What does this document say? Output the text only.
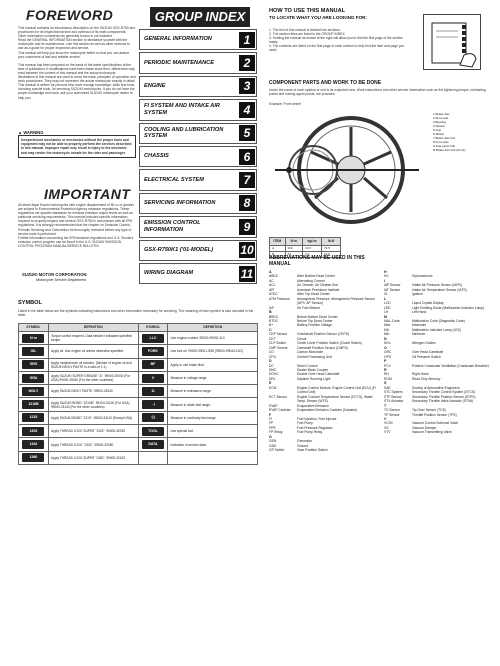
FOREWORD

This manual contains an introductory description on the SUZUKI GSX-R750 and procedures for its inspection/service and overhaul of its main components.

Other information considered as generally known is not included.

Read the GENERAL INFORMATION section to familiarize yourself with the motorcycle and its maintenance. Use this section as well as other sections to use as a guide for proper inspection and service.

This manual will help you know the motorcycle better so that you can assure your customers of fast and reliable service.

This manual has been prepared on the basis of the latest specifications at the time of publication. If modifications have been made since then, differences may exist between the content of this manual and the actual motorcycle.

Illustrations in this manual are used to show the basic principles of operation and work procedures. They may not represent the actual motorcycle exactly in detail.

This manual is written for persons who have enough knowledge, skills and tools, including special tools, for servicing SUZUKI motorcycles. If you do not have the proper knowledge and tools, ask your authorized SUZUKI motorcycle dealer to help you.

▲ WARNING
Inexperienced mechanics or mechanics without the proper tools and equipment may not be able to properly perform the services described in this manual. Improper repair may result in injury to the mechanic and may render the motorcycle unsafe for the rider and passenger.
IMPORTANT

All street-legal Suzuki motorcycles with engine displacement of 50 cc or greater are subject to Environmental Protection Agency emission regulations. These regulations set specific standards for exhaust emission output levels as well as particular servicing requirements. This manual includes specific information required to properly inspect and service GSX-R750 in accordance with all EPA regulations. It is strongly recommended that the chapter on Emission Control, Periodic Servicing and Carburetion be thoroughly reviewed before any type of service work is performed.

Further information concerning the EPA emission regulations and U.S. Suzuki's emission control program can be found in the U.S. SUZUKI EMISSION CONTROL PROGRAM MANUAL/SERVICE BULLETIN.

SUZUKI MOTOR CORPORATION
Motorcycle Service Department
GROUP INDEX
GENERAL INFORMATION	1
PERIODIC MAINTENANCE	2
ENGINE	3
FI SYSTEM AND INTAKE AIR SYSTEM	4
COOLING AND LUBRICATION SYSTEM	5
CHASSIS	6
ELECTRICAL SYSTEM	7
SERVICING INFORMATION	8
EMISSION CONTROL INFORMATION	9
GSX-R750K1 ('01-MODEL)	10
WIRING DIAGRAM	11
HOW TO USE THIS MANUAL
TO LOCATE WHAT YOU ARE LOOKING FOR:

1. The text of this manual is divided into sections.

2. The section titles are listed in the GROUP INDEX.

3. Holding the manual as shown at the right will allow you to find the first page of the section easily.

4. The contents are listed on the first page of each section to help find the item and page you need.

COMPONENT PARTS AND WORK TO BE DONE
Under the name of each system or unit is its exploded view. Work instructions and other service information such as the tightening torque, lubricating points and locking agent points, are provided.
Example: Front wheel
1 Brake disc
2 Dust seal
3 Bearing
4 Spacer
5 Axle
6 Wheel
7 Brake disc bolt
8 Front axle
A Axle pinch bolt
B Brake disc bolt (Front)
ITEM	N·m	kgf-m	lb-ft
A	100	10.0	72.5
B	23	2.3	16.5
SYMBOL
Listed in the table below are the symbols indicating instructions and other information necessary for servicing. The meaning of each symbol is also included in the table.
SYMBOL	DEFINITION	SYMBOL	DEFINITION
N·m	Torque control required. Data beside it indicates specified torque.	LLC	Use engine coolant. 99000-99032-11X
OIL	Apply oil. Use engine oil unless otherwise specified.	FORK	Use fork oil. 99000-99001-SS8 (99000-99044-10G)
GRS	Apply molybdenum oil solution. (Mixture of engine oil and SUZUKI MOLY PASTE in a ratio of 1:1)	BF	Apply or use brake fluid.
GRA	Apply SUZUKI SUPER GREASE "A". 99000-25030 (For USA) 99000-25010 (For the other countries)	V	Measure in voltage range.
MOLY	Apply SUZUKI MOLY PASTE. 99000-25140	Ω	Measure in resistance range.
1216B	Apply SUZUKI BOND "1216B". 99104-31140 (For USA) 99000-31140 (For the other countries)	→|	Measure in diode test range.
1215	Apply SUZUKI BOND "1215". 99000-31110 (Except USA)	•))	Measure in continuity test range.
1303	Apply THREAD LOCK SUPER "1303". 99000-32030	TOOL	Use special tool.
1342	Apply THREAD LOCK "1342". 99000-32050	DATA	Indication of service data.
1360	Apply THREAD LOCK SUPER "1360". 99000-32130		
ABBREVIATIONS MAY BE USED IN THIS MANUAL
A
ABDC	After Bottom Dead Center
AC	Alternating Current
ACL	Air Cleaner, Air Cleaner Box
API	American Petroleum Institute
ATDC	After Top Dead Center
ATM Pressure	Atmospheric Pressure, Atmospheric Pressure Sensor (APS, AP Sensor)
A/F	Air Fuel Mixture
B
BBDC	Before Bottom Dead Center
BTDC	Before Top Dead Center
B+	Battery Positive Voltage
C
CKP Sensor	Crankshaft Position Sensor (CKPS)
CKT	Circuit
CLP Switch	Clutch Lever Position Switch (Clutch Switch)
CMP Sensor	Camshaft Position Sensor (CMPS)
CO	Carbon Monoxide
CPU	Central Processing Unit
D
DC	Direct Current
DMC	Dealer Mode Coupler
DOHC	Double Over Head Camshaft
DRL	Daytime Running Light
E
ECM	Engine Control Module, Engine Control Unit (ECU) (FI Control Unit)
ECT Sensor	Engine Coolant Temperature Sensor (ECTS), Water Temp. Sensor (WTS)
EVAP	Evaporative Emission
EVAP Canister	Evaporative Emission Canister (Canister)
F
FI	Fuel Injection, Fuel Injector
FP	Fuel Pump
FPR	Fuel Pressure Regulator
FP Relay	Fuel Pump Relay
G
GEN	Generator
GND	Ground
GP Switch	Gear Position Switch
H
HC	Hydrocarbons
I
IAP Sensor	Intake Air Pressure Sensor (IAPS)
IAT Sensor	Intake Air Temperature Sensor (IATS)
IG	Ignition
L
LCD	Liquid Crystal Display
LED	Light Emitting Diode (Malfunction Indicator Lamp)
LH	Left Hand
M
MAL-Code	Malfunction Code (Diagnostic Code)
Max	Maximum
MIL	Malfunction Indicator Lamp (LED)
Min	Minimum
N
NOx	Nitrogen Oxides
O
OHC	Over Head Camshaft
OPS	Oil Pressure Switch
P
PCV	Positive Crankcase Ventilation (Crankcase Breather)
R
RH	Right Hand
ROM	Read Only Memory
S
SAE	Society of Automotive Engineers
STC System	Secondary Throttle Control System (STCS)
STP Sensor	Secondary Throttle Position Sensor (STPS)
STV Actuator	Secondary Throttle Valve Actuator (STVA)
T
TO Sensor	Tip-Over Sensor (TOS)
TP Sensor	Throttle Position Sensor (TPS)
V
VCSV	Vacuum Control Solenoid Valve
VS	Vacuum Damper
VTV	Vacuum Transmitting Valve
